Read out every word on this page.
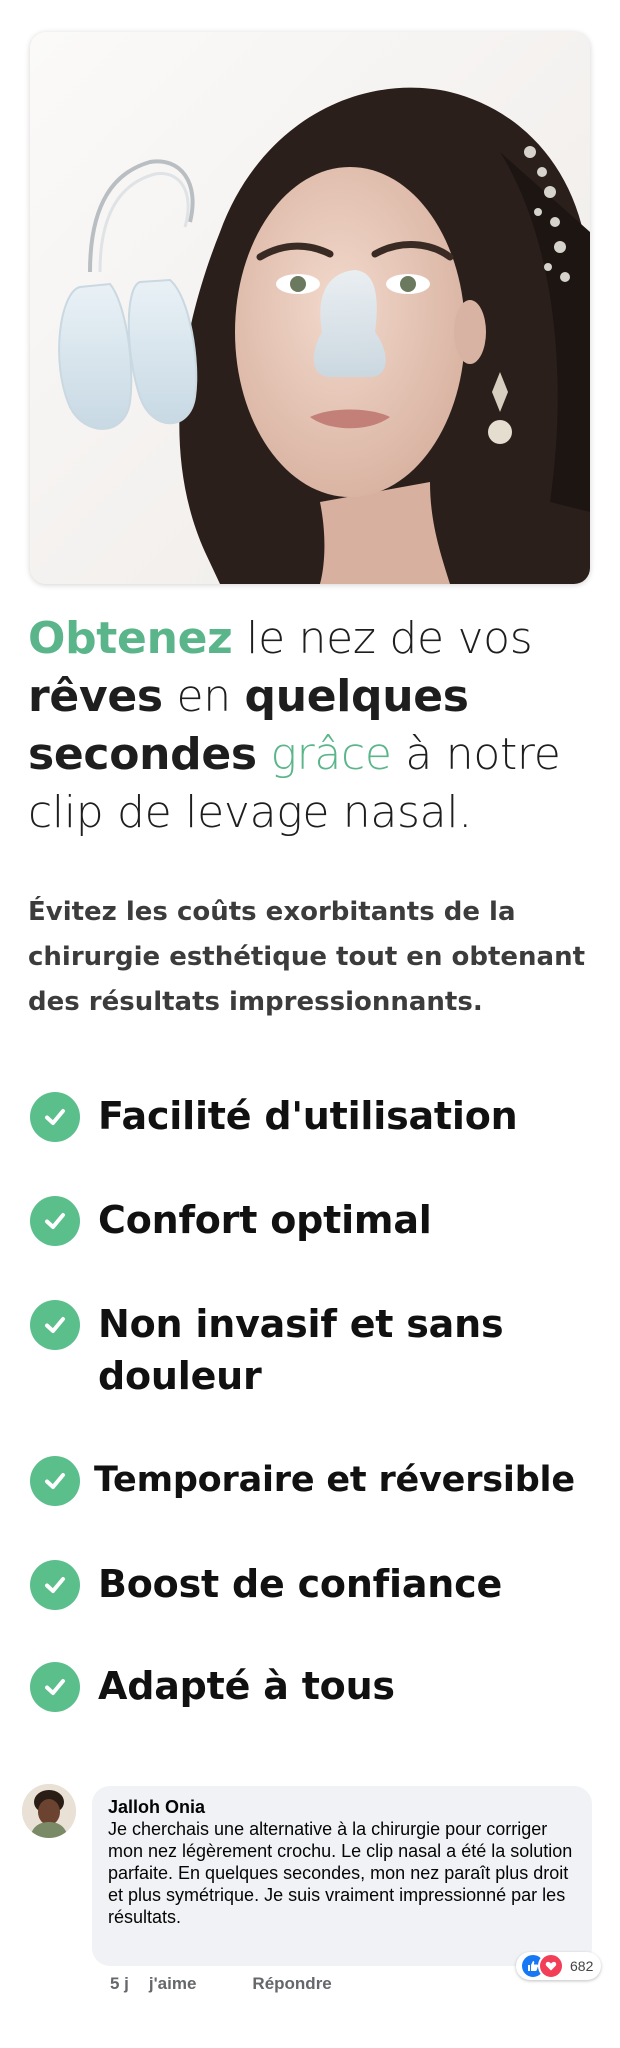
Obtenez le nez de vos
rêves en quelques
secondes grâce à notre
clip de levage nasal.

Évitez les coûts exorbitants de la chirurgie esthétique tout en obtenant des résultats impressionnants.

Facilité d'utilisation
Confort optimal
Non invasif et sans douleur
Temporaire et réversible
Boost de confiance
Adapté à tous
Jalloh Onia
Je cherchais une alternative à la chirurgie pour corriger mon nez légèrement crochu. Le clip nasal a été la solution parfaite. En quelques secondes, mon nez paraît plus droit et plus symétrique. Je suis vraiment impressionné par les résultats.
682
5 j j'aime	Répondre
